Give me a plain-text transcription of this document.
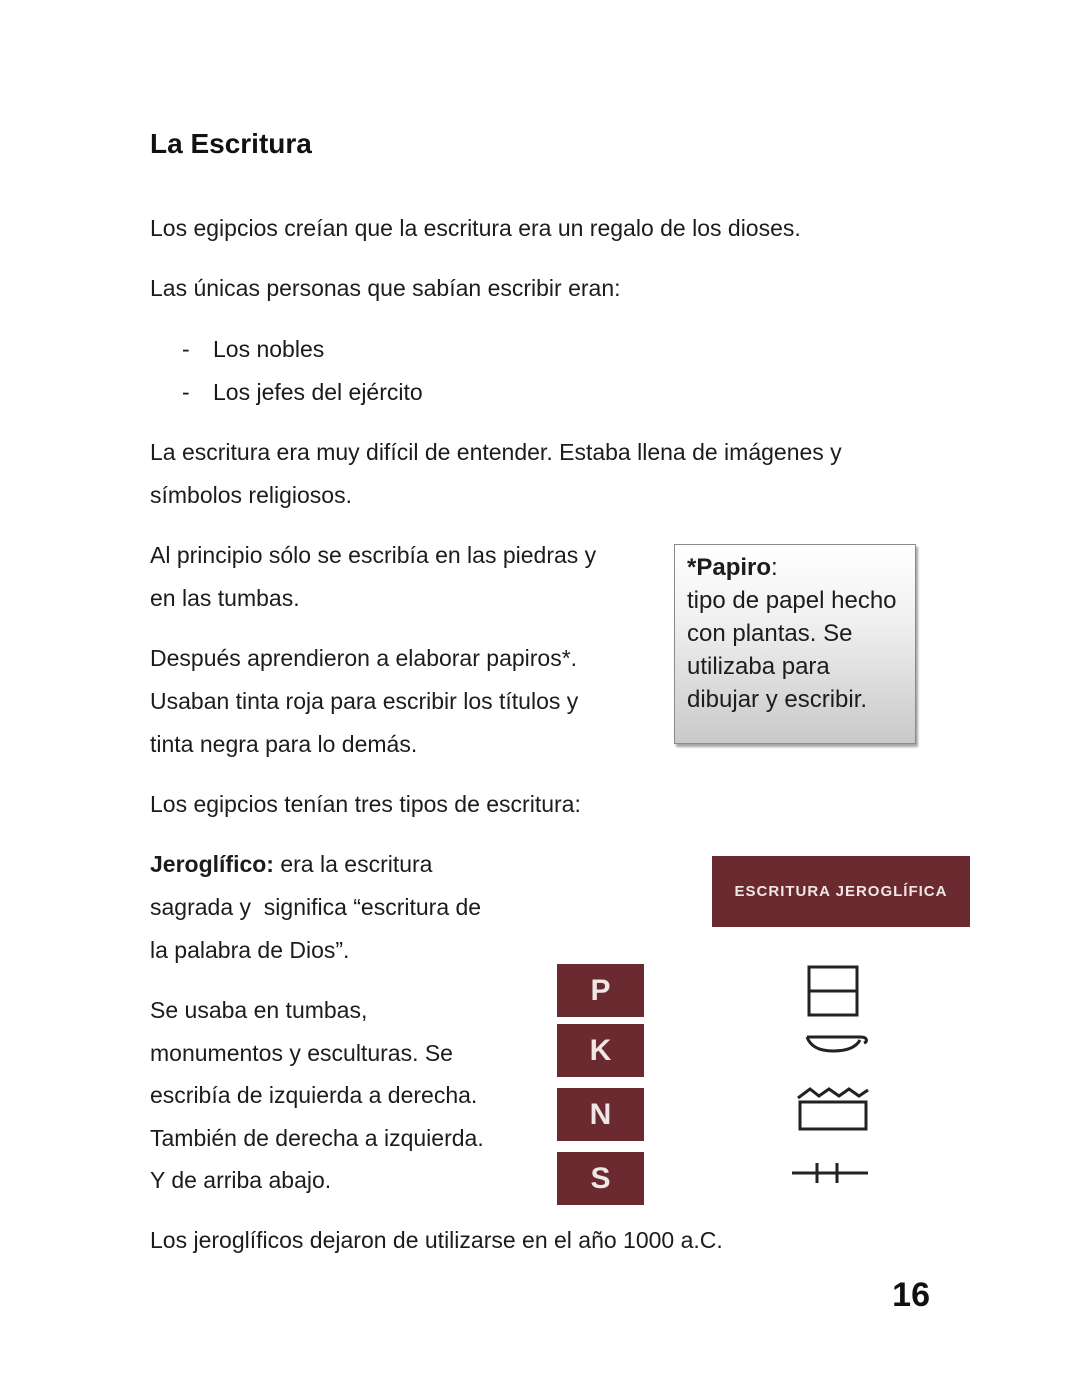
La Escritura
Los egipcios creían que la escritura era un regalo de los dioses.
Las únicas personas que sabían escribir eran:
- Los nobles
- Los jefes del ejército
La escritura era muy difícil de entender. Estaba llena de imágenes y
símbolos religiosos.
Al principio sólo se escribía en las piedras y
en las tumbas.
Después aprendieron a elaborar papiros*.
Usaban tinta roja para escribir los títulos y
tinta negra para lo demás.
*Papiro:
tipo de papel hecho
con plantas. Se
utilizaba para
dibujar y escribir.
Los egipcios tenían tres tipos de escritura:
Jeroglífico: era la escritura
sagrada y  significa “escritura de
la palabra de Dios”.
Se usaba en tumbas,
monumentos y esculturas. Se
escribía de izquierda a derecha.
También de derecha a izquierda.
Y de arriba abajo.
ESCRITURA JEROGLÍFICA
P
K
N
S
Los jeroglíficos dejaron de utilizarse en el año 1000 a.C.
16
